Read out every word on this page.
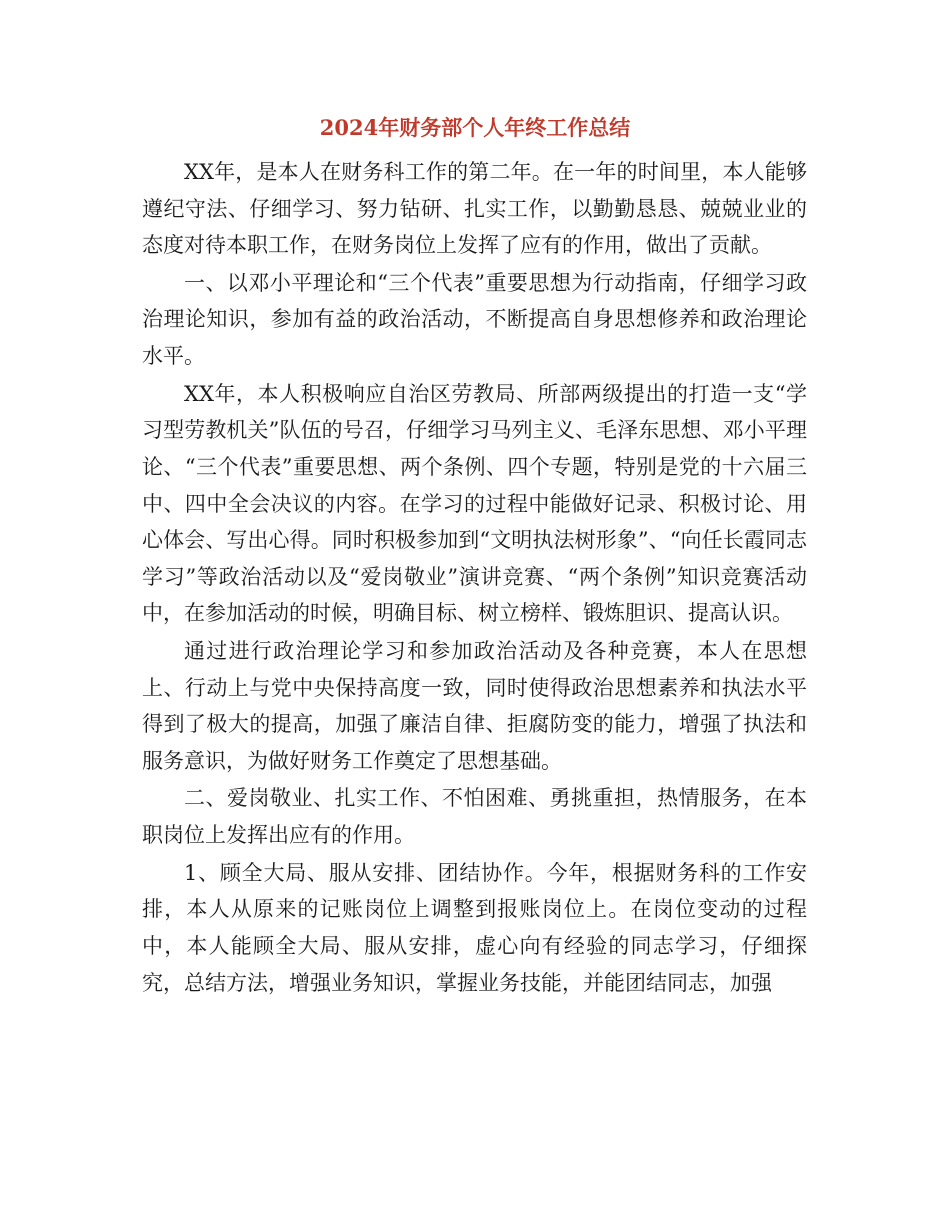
2024年财务部个人年终工作总结

XX年，是本人在财务科工作的第二年。在一年的时间里，本人能够遵纪守法、仔细学习、努力钻研、扎实工作，以勤勤恳恳、兢兢业业的态度对待本职工作，在财务岗位上发挥了应有的作用，做出了贡献。

一、以邓小平理论和“三个代表”重要思想为行动指南，仔细学习政治理论知识，参加有益的政治活动，不断提高自身思想修养和政治理论水平。

XX年，本人积极响应自治区劳教局、所部两级提出的打造一支“学习型劳教机关”队伍的号召，仔细学习马列主义、毛泽东思想、邓小平理论、“三个代表”重要思想、两个条例、四个专题，特别是党的十六届三中、四中全会决议的内容。在学习的过程中能做好记录、积极讨论、用心体会、写出心得。同时积极参加到“文明执法树形象”、“向任长霞同志学习”等政治活动以及“爱岗敬业”演讲竞赛、“两个条例”知识竞赛活动中，在参加活动的时候，明确目标、树立榜样、锻炼胆识、提高认识。

通过进行政治理论学习和参加政治活动及各种竞赛，本人在思想上、行动上与党中央保持高度一致，同时使得政治思想素养和执法水平得到了极大的提高，加强了廉洁自律、拒腐防变的能力，增强了执法和服务意识，为做好财务工作奠定了思想基础。

二、爱岗敬业、扎实工作、不怕困难、勇挑重担，热情服务，在本职岗位上发挥出应有的作用。

1、顾全大局、服从安排、团结协作。今年，根据财务科的工作安排，本人从原来的记账岗位上调整到报账岗位上。在岗位变动的过程中，本人能顾全大局、服从安排，虚心向有经验的同志学习，仔细探究，总结方法，增强业务知识，掌握业务技能，并能团结同志，加强
